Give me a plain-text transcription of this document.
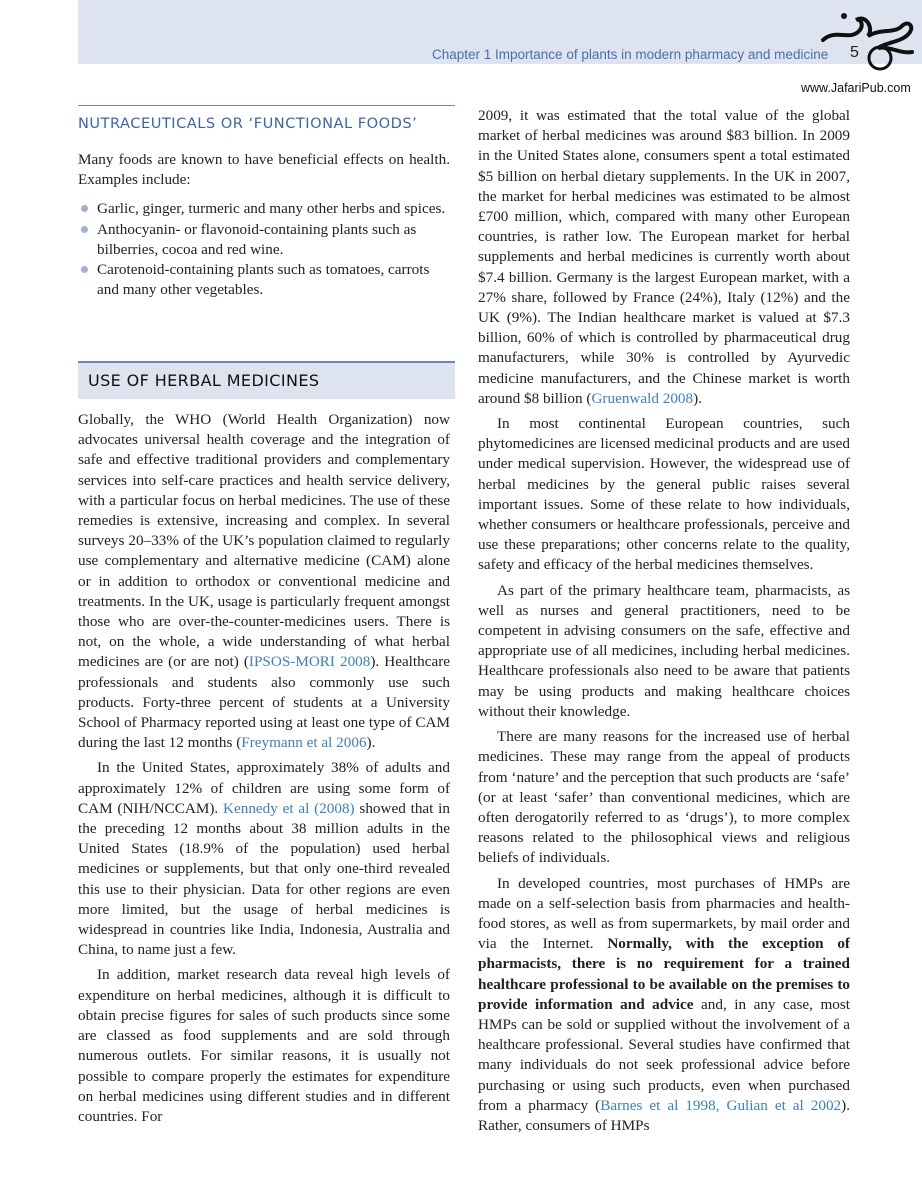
Chapter 1 Importance of plants in modern pharmacy and medicine 5
www.JafariPub.com
NUTRACEUTICALS OR ‘FUNCTIONAL FOODS’

Many foods are known to have beneficial effects on health. Examples include:

Garlic, ginger, turmeric and many other herbs and spices.
Anthocyanin- or flavonoid-containing plants such as bilberries, cocoa and red wine.
Carotenoid-containing plants such as tomatoes, carrots and many other vegetables.
USE OF HERBAL MEDICINES

Globally, the WHO (World Health Organization) now advocates universal health coverage and the integration of safe and effective traditional providers and complementary services into self-care practices and health service delivery, with a particular focus on herbal medicines. The use of these remedies is extensive, increasing and complex. In several surveys 20–33% of the UK’s population claimed to regularly use complementary and alternative medicine (CAM) alone or in addition to orthodox or conventional medicine and treatments. In the UK, usage is particularly frequent amongst those who are over-the-counter-medicines users. There is not, on the whole, a wide understanding of what herbal medicines are (or are not) (IPSOS-MORI 2008). Healthcare professionals and students also commonly use such products. Forty-three percent of students at a University School of Pharmacy reported using at least one type of CAM during the last 12 months (Freymann et al 2006).

In the United States, approximately 38% of adults and approximately 12% of children are using some form of CAM (NIH/NCCAM). Kennedy et al (2008) showed that in the preceding 12 months about 38 million adults in the United States (18.9% of the population) used herbal medicines or supplements, but that only one-third revealed this use to their physician. Data for other regions are even more limited, but the usage of herbal medicines is widespread in countries like India, Indonesia, Australia and China, to name just a few.

In addition, market research data reveal high levels of expenditure on herbal medicines, although it is difficult to obtain precise figures for sales of such products since some are classed as food supplements and are sold through numerous outlets. For similar reasons, it is usually not possible to compare properly the estimates for expenditure on herbal medicines using different studies and in different countries. For

2009, it was estimated that the total value of the global market of herbal medicines was around $83 billion. In 2009 in the United States alone, consumers spent a total estimated $5 billion on herbal dietary supplements. In the UK in 2007, the market for herbal medicines was estimated to be almost £700 million, which, compared with many other European countries, is rather low. The European market for herbal supplements and herbal medicines is currently worth about $7.4 billion. Germany is the largest European market, with a 27% share, followed by France (24%), Italy (12%) and the UK (9%). The Indian healthcare market is valued at $7.3 billion, 60% of which is controlled by pharmaceutical drug manufacturers, while 30% is controlled by Ayurvedic medicine manufacturers, and the Chinese market is worth around $8 billion (Gruenwald 2008).

In most continental European countries, such phytomedicines are licensed medicinal products and are used under medical supervision. However, the widespread use of herbal medicines by the general public raises several important issues. Some of these relate to how individuals, whether consumers or healthcare professionals, perceive and use these preparations; other concerns relate to the quality, safety and efficacy of the herbal medicines themselves.

As part of the primary healthcare team, pharmacists, as well as nurses and general practitioners, need to be competent in advising consumers on the safe, effective and appropriate use of all medicines, including herbal medicines. Healthcare professionals also need to be aware that patients may be using products and making healthcare choices without their knowledge.

There are many reasons for the increased use of herbal medicines. These may range from the appeal of products from ‘nature’ and the perception that such products are ‘safe’ (or at least ‘safer’ than conventional medicines, which are often derogatorily referred to as ‘drugs’), to more complex reasons related to the philosophical views and religious beliefs of individuals.

In developed countries, most purchases of HMPs are made on a self-selection basis from pharmacies and health-food stores, as well as from supermarkets, by mail order and via the Internet. Normally, with the exception of pharmacists, there is no requirement for a trained healthcare professional to be available on the premises to provide information and advice and, in any case, most HMPs can be sold or supplied without the involvement of a healthcare professional. Several studies have confirmed that many individuals do not seek professional advice before purchasing or using such products, even when purchased from a pharmacy (Barnes et al 1998, Gulian et al 2002). Rather, consumers of HMPs
